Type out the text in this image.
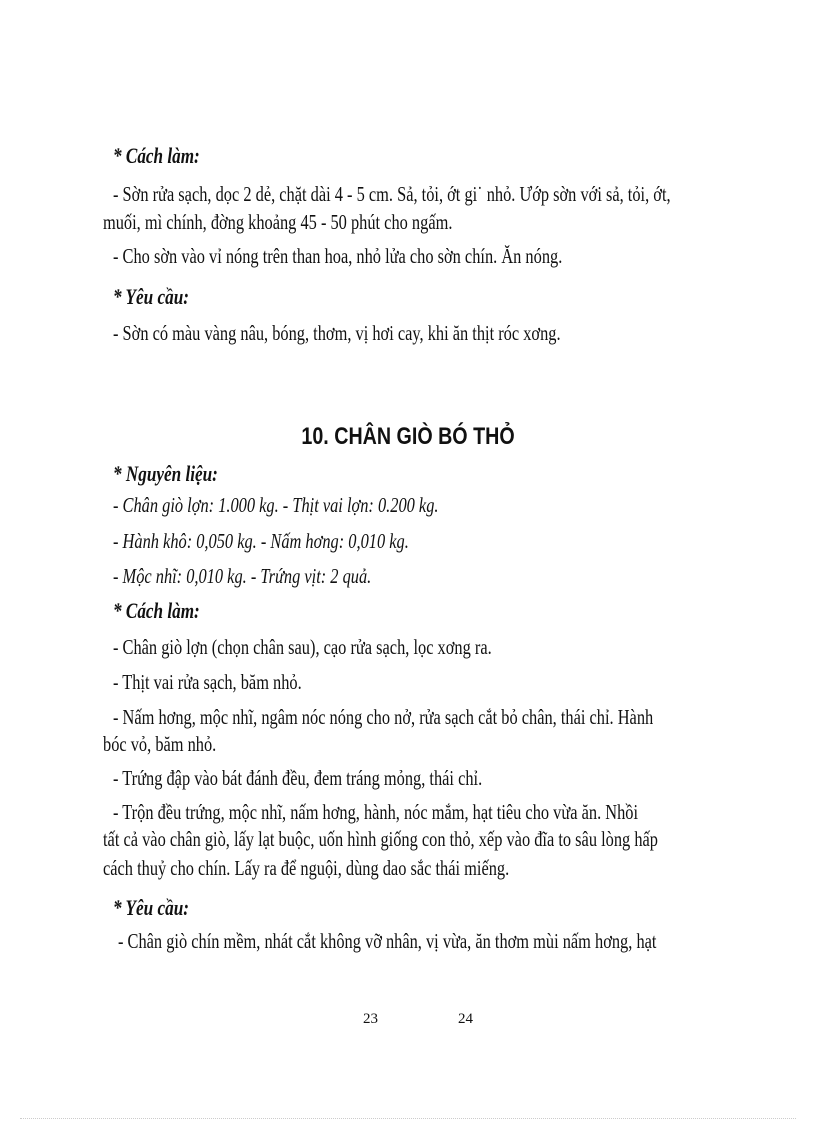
* Cách làm:
- Sờn rửa sạch, dọc 2 dẻ, chặt dài 4 - 5 cm. Sả, tỏi, ớt gi˙ nhỏ. Ướp sờn với sả, tỏi, ớt,
muối, mì chính, đờng khoảng 45 - 50 phút cho ngấm.
- Cho sờn vào vỉ nóng trên than hoa, nhỏ lửa cho sờn chín. Ăn nóng.
* Yêu cầu:
- Sờn có màu vàng nâu, bóng, thơm, vị hơi cay, khi ăn thịt róc xơng.
10. CHÂN GIÒ BÓ THỎ
* Nguyên liệu:
- Chân giò lợn: 1.000 kg. - Thịt vai lợn: 0.200 kg.
- Hành khô: 0,050 kg. - Nấm hơng: 0,010 kg.
- Mộc nhĩ: 0,010 kg. - Trứng vịt: 2 quả.
* Cách làm:
- Chân giò lợn (chọn chân sau), cạo rửa sạch, lọc xơng ra.
- Thịt vai rửa sạch, băm nhỏ.
- Nấm hơng, mộc nhĩ, ngâm nóc nóng cho nở, rửa sạch cắt bỏ chân, thái chỉ. Hành
bóc vỏ, băm nhỏ.
- Trứng đập vào bát đánh đều, đem tráng mỏng, thái chỉ.
- Trộn đều trứng, mộc nhĩ, nấm hơng, hành, nóc mắm, hạt tiêu cho vừa ăn. Nhồi
tất cả vào chân giò, lấy lạt buộc, uốn hình giống con thỏ, xếp vào đĩa to sâu lòng hấp
cách thuỷ cho chín. Lấy ra để nguội, dùng dao sắc thái miếng.
* Yêu cầu:
- Chân giò chín mềm, nhát cắt không vỡ nhân, vị vừa, ăn thơm mùi nấm hơng, hạt
23	24
